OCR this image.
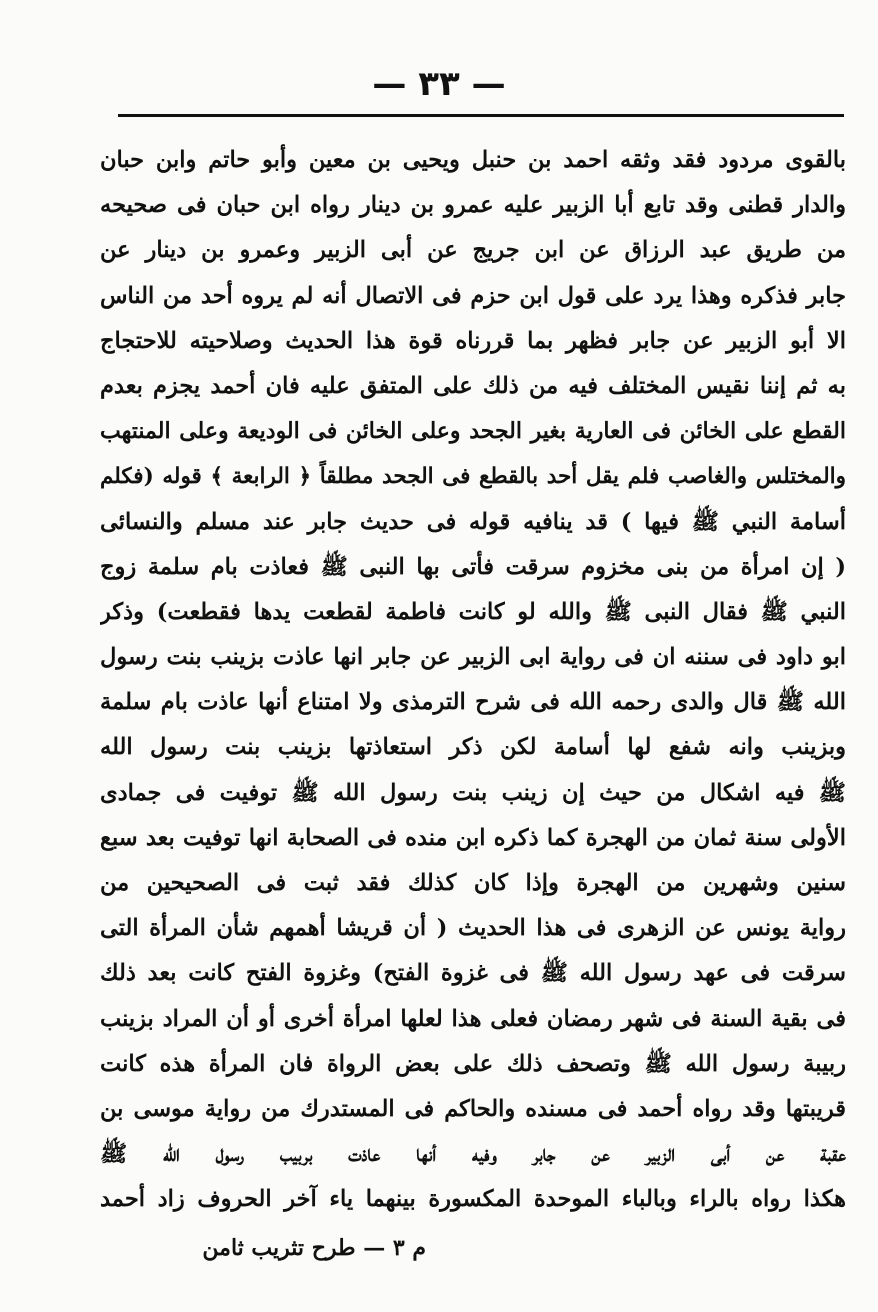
— ٣٣ —
بالقوى مردود فقد وثقه احمد بن حنبل ويحيى بن معين وأبو حاتم وابن حبان
والدار قطنى وقد تابع أبا الزبير عليه عمرو بن دينار رواه ابن حبان فى صحيحه
من طريق عبد الرزاق عن ابن جريج عن أبى الزبير وعمرو بن دينار عن
جابر فذكره وهذا يرد على قول ابن حزم فى الاتصال أنه لم يروه أحد من الناس
الا أبو الزبير عن جابر فظهر بما قررناه قوة هذا الحديث وصلاحيته للاحتجاج
به ثم إننا نقيس المختلف فيه من ذلك على المتفق عليه فان أحمد يجزم بعدم
القطع على الخائن فى العارية بغير الجحد وعلى الخائن فى الوديعة وعلى المنتهب
والمختلس والغاصب فلم يقل أحد بالقطع فى الجحد مطلقاً ﴿ الرابعة ﴾ قوله (فكلم
أسامة النبي ﷺ فيها ) قد ينافيه قوله فى حديث جابر عند مسلم والنسائى
( إن امرأة من بنى مخزوم سرقت فأتى بها النبى ﷺ فعاذت بام سلمة زوج
النبي ﷺ فقال النبى ﷺ والله لو كانت فاطمة لقطعت يدها فقطعت) وذكر
ابو داود فى سننه ان فى رواية ابى الزبير عن جابر انها عاذت بزينب بنت رسول
الله ﷺ قال والدى رحمه الله فى شرح الترمذى ولا امتناع أنها عاذت بام سلمة
وبزينب وانه شفع لها أسامة لكن ذكر استعاذتها بزينب بنت رسول الله
ﷺ فيه اشكال من حيث إن زينب بنت رسول الله ﷺ توفيت فى جمادى
الأولى سنة ثمان من الهجرة كما ذكره ابن منده فى الصحابة انها توفيت بعد سبع
سنين وشهرين من الهجرة وإذا كان كذلك فقد ثبت فى الصحيحين من
رواية يونس عن الزهرى فى هذا الحديث ( أن قريشا أهمهم شأن المرأة التى
سرقت فى عهد رسول الله ﷺ فى غزوة الفتح) وغزوة الفتح كانت بعد ذلك
فى بقية السنة فى شهر رمضان فعلى هذا لعلها امرأة أخرى أو أن المراد بزينب
ربيبة رسول الله ﷺ وتصحف ذلك على بعض الرواة فان المرأة هذه كانت
قريبتها وقد رواه أحمد فى مسنده والحاكم فى المستدرك من رواية موسى بن
عقبة عن أبى الزبير عن جابر وفيه أنها عاذت بربيب رسول الله ﷺ
هكذا رواه بالراء وبالباء الموحدة المكسورة بينهما ياء آخر الحروف زاد أحمد
م ٣ — طرح تثريب ثامن
